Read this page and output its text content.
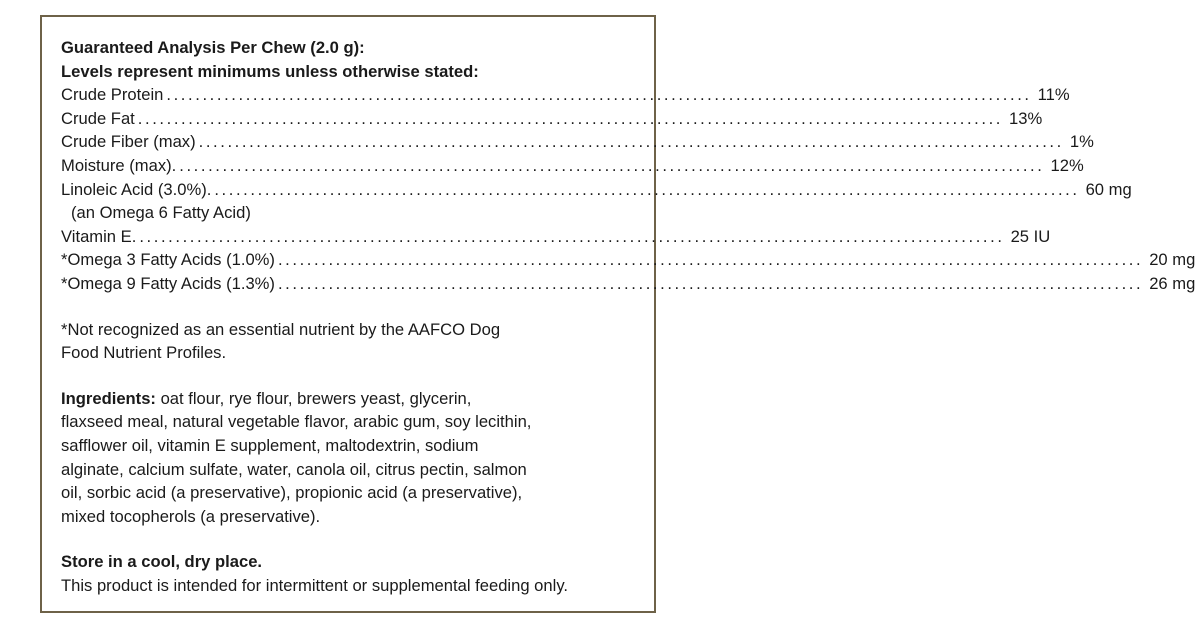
Guaranteed Analysis Per Chew (2.0 g):
Levels represent minimums unless otherwise stated:
Crude Protein ........................................................................................................................ 11%
Crude Fat ........................................................................................................................ 13%
Crude Fiber (max) ........................................................................................................................ 1%
Moisture (max). ........................................................................................................................ 12%
Linoleic Acid (3.0%). ........................................................................................................................ 60 mg
(an Omega 6 Fatty Acid)
Vitamin E. ........................................................................................................................ 25 IU
*Omega 3 Fatty Acids (1.0%) ........................................................................................................................ 20 mg
*Omega 9 Fatty Acids (1.3%) ........................................................................................................................ 26 mg
*Not recognized as an essential nutrient by the AAFCO Dog
Food Nutrient Profiles.
Ingredients: oat flour, rye flour, brewers yeast, glycerin,
flaxseed meal, natural vegetable flavor, arabic gum, soy lecithin,
safflower oil, vitamin E supplement, maltodextrin, sodium
alginate, calcium sulfate, water, canola oil, citrus pectin, salmon
oil, sorbic acid (a preservative), propionic acid (a preservative),
mixed tocopherols (a preservative).
Store in a cool, dry place.
This product is intended for intermittent or supplemental feeding only.
